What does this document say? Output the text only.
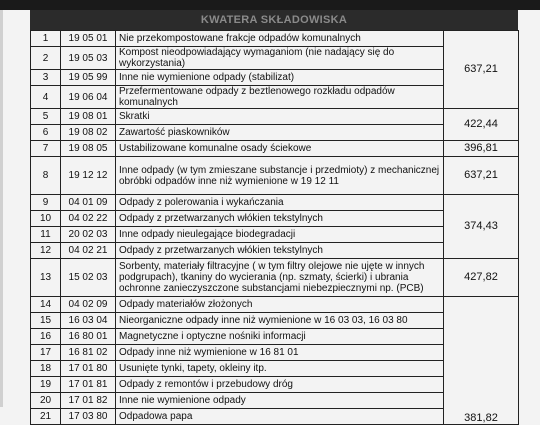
KWATERA SKŁADOWISKA
1	19 05 01	Nie przekompostowane frakcje odpadów komunalnych	637,21
2	19 05 03	Kompost nieodpowiadający wymaganiom (nie nadający się do wykorzystania)	
3	19 05 99	Inne nie wymienione odpady (stabilizat)	
4	19 06 04	Przefermentowane odpady z beztlenowego rozkładu odpadów komunalnych	
5	19 08 01	Skratki	422,44
6	19 08 02	Zawartość piaskowników	
7	19 08 05	Ustabilizowane komunalne osady ściekowe	396,81
8	19 12 12	Inne odpady (w tym zmieszane substancje i przedmioty) z mechanicznej obróbki odpadów inne niż wymienione w 19 12 11	637,21
9	04 01 09	Odpady z polerowania i wykańczania	374,43
10	04 02 22	Odpady z przetwarzanych włókien tekstylnych	
11	20 02 03	Inne odpady nieulegające biodegradacji	
12	04 02 21	Odpady z przetwarzanych włókien tekstylnych	
13	15 02 03	Sorbenty, materiały filtracyjne ( w tym filtry olejowe nie ujęte w innych podgrupach), tkaniny do wycierania (np. szmaty, ścierki) i ubrania ochronne zanieczyszczone substancjami niebezpiecznymi np. (PCB)	427,82
14	04 02 09	Odpady materiałów złożonych	381,82
15	16 03 04	Nieorganiczne odpady inne niż wymienione w 16 03 03, 16 03 80	
16	16 80 01	Magnetyczne i optyczne nośniki informacji	
17	16 81 02	Odpady inne niż wymienione w 16 81 01	
18	17 01 80	Usunięte tynki, tapety, okleiny itp.	
19	17 01 81	Odpady z remontów i przebudowy dróg	
20	17 01 82	Inne nie wymienione odpady	
21	17 03 80	Odpadowa papa	
